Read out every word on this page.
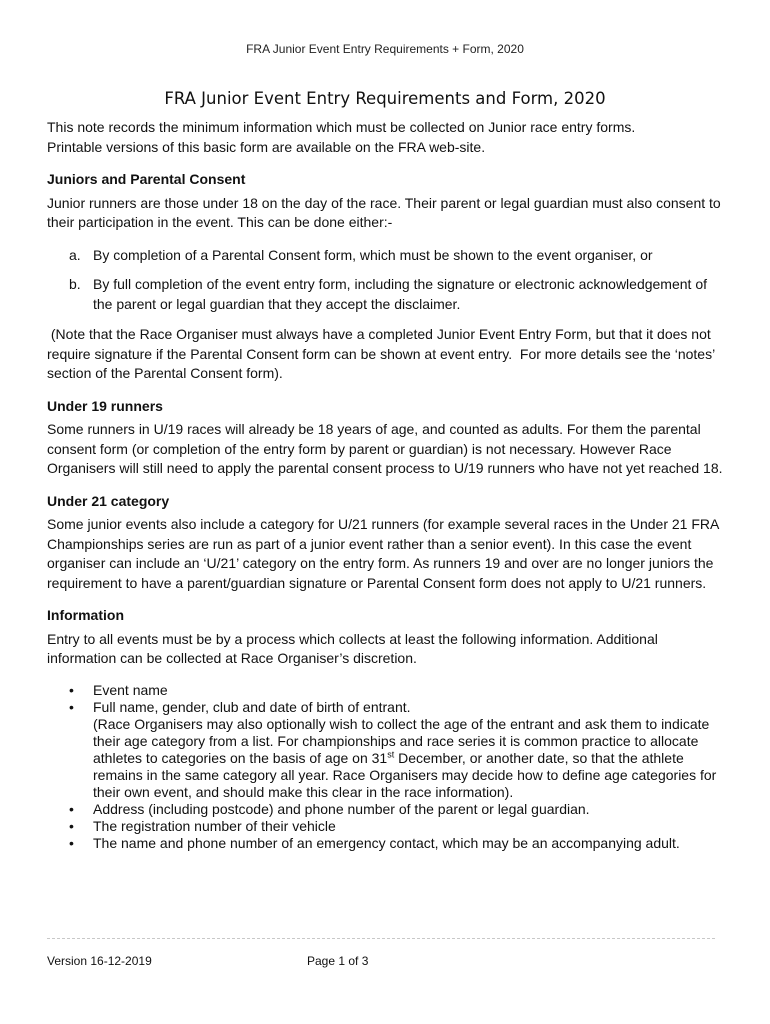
FRA Junior Event Entry Requirements + Form, 2020
FRA Junior Event Entry Requirements and Form, 2020

This note records the minimum information which must be collected on Junior race entry forms.

Printable versions of this basic form are available on the FRA web-site.

Juniors and Parental Consent

Junior runners are those under 18 on the day of the race. Their parent or legal guardian must also consent to their participation in the event. This can be done either:-

a. By completion of a Parental Consent form, which must be shown to the event organiser, or
b. By full completion of the event entry form, including the signature or electronic acknowledgement of the parent or legal guardian that they accept the disclaimer.

(Note that the Race Organiser must always have a completed Junior Event Entry Form, but that it does not require signature if the Parental Consent form can be shown at event entry.  For more details see the ‘notes’ section of the Parental Consent form).

Under 19 runners

Some runners in U/19 races will already be 18 years of age, and counted as adults. For them the parental consent form (or completion of the entry form by parent or guardian) is not necessary. However Race Organisers will still need to apply the parental consent process to U/19 runners who have not yet reached 18.

Under 21 category

Some junior events also include a category for U/21 runners (for example several races in the Under 21 FRA Championships series are run as part of a junior event rather than a senior event). In this case the event organiser can include an ‘U/21’ category on the entry form. As runners 19 and over are no longer juniors the requirement to have a parent/guardian signature or Parental Consent form does not apply to U/21 runners.

Information

Entry to all events must be by a process which collects at least the following information. Additional information can be collected at Race Organiser’s discretion.

• Event name
• Full name, gender, club and date of birth of entrant.
(Race Organisers may also optionally wish to collect the age of the entrant and ask them to indicate their age category from a list. For championships and race series it is common practice to allocate athletes to categories on the basis of age on 31st December, or another date, so that the athlete remains in the same category all year. Race Organisers may decide how to define age categories for their own event, and should make this clear in the race information).
• Address (including postcode) and phone number of the parent or legal guardian.
• The registration number of their vehicle
• The name and phone number of an emergency contact, which may be an accompanying adult.
Version 16-12-2019	Page 1 of 3
